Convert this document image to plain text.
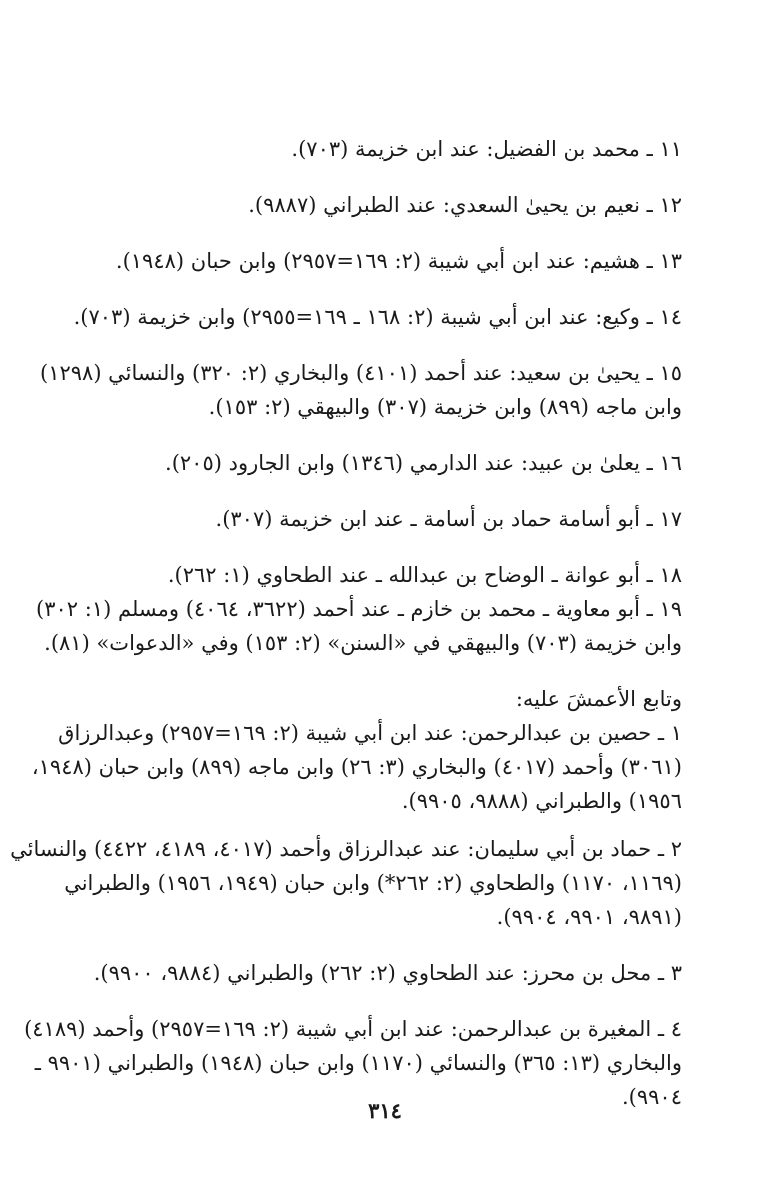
١١ ـ محمد بن الفضيل: عند ابن خزيمة (٧٠٣).

١٢ ـ نعيم بن يحيىٰ السعدي: عند الطبراني (٩٨٨٧).

١٣ ـ هشيم: عند ابن أبي شيبة (٢: ١٦٩=٢٩٥٧) وابن حبان (١٩٤٨).

١٤ ـ وكيع: عند ابن أبي شيبة (٢: ١٦٨ ـ ١٦٩=٢٩٥٥) وابن خزيمة (٧٠٣).

١٥ ـ يحيىٰ بن سعيد: عند أحمد (٤١٠١) والبخاري (٢: ٣٢٠) والنسائي (١٢٩٨)

وابن ماجه (٨٩٩) وابن خزيمة (٣٠٧) والبيهقي (٢: ١٥٣).

١٦ ـ يعلىٰ بن عبيد: عند الدارمي (١٣٤٦) وابن الجارود (٢٠٥).

١٧ ـ أبو أسامة حماد بن أسامة ـ عند ابن خزيمة (٣٠٧).

١٨ ـ أبو عوانة ـ الوضاح بن عبدالله ـ عند الطحاوي (١: ٢٦٢).

١٩ ـ أبو معاوية ـ محمد بن خازم ـ عند أحمد (٣٦٢٢، ٤٠٦٤) ومسلم (١: ٣٠٢)

وابن خزيمة (٧٠٣) والبيهقي في «السنن» (٢: ١٥٣) وفي «الدعوات» (٨١).

وتابع الأعمشَ عليه:

١ ـ حصين بن عبدالرحمن: عند ابن أبي شيبة (٢: ١٦٩=٢٩٥٧) وعبدالرزاق

(٣٠٦١) وأحمد (٤٠١٧) والبخاري (٣: ٢٦) وابن ماجه (٨٩٩) وابن حبان (١٩٤٨،

١٩٥٦) والطبراني (٩٨٨٨، ٩٩٠٥).

٢ ـ حماد بن أبي سليمان: عند عبدالرزاق وأحمد (٤٠١٧، ٤١٨٩، ٤٤٢٢) والنسائي

(١١٦٩، ١١٧٠) والطحاوي (٢: ٢٦٢*) وابن حبان (١٩٤٩، ١٩٥٦) والطبراني

(٩٨٩١، ٩٩٠١، ٩٩٠٤).

٣ ـ محل بن محرز: عند الطحاوي (٢: ٢٦٢) والطبراني (٩٨٨٤، ٩٩٠٠).

٤ ـ المغيرة بن عبدالرحمن: عند ابن أبي شيبة (٢: ١٦٩=٢٩٥٧) وأحمد (٤١٨٩)

والبخاري (١٣: ٣٦٥) والنسائي (١١٧٠) وابن حبان (١٩٤٨) والطبراني (٩٩٠١ ـ

٩٩٠٤).

٣١٤
